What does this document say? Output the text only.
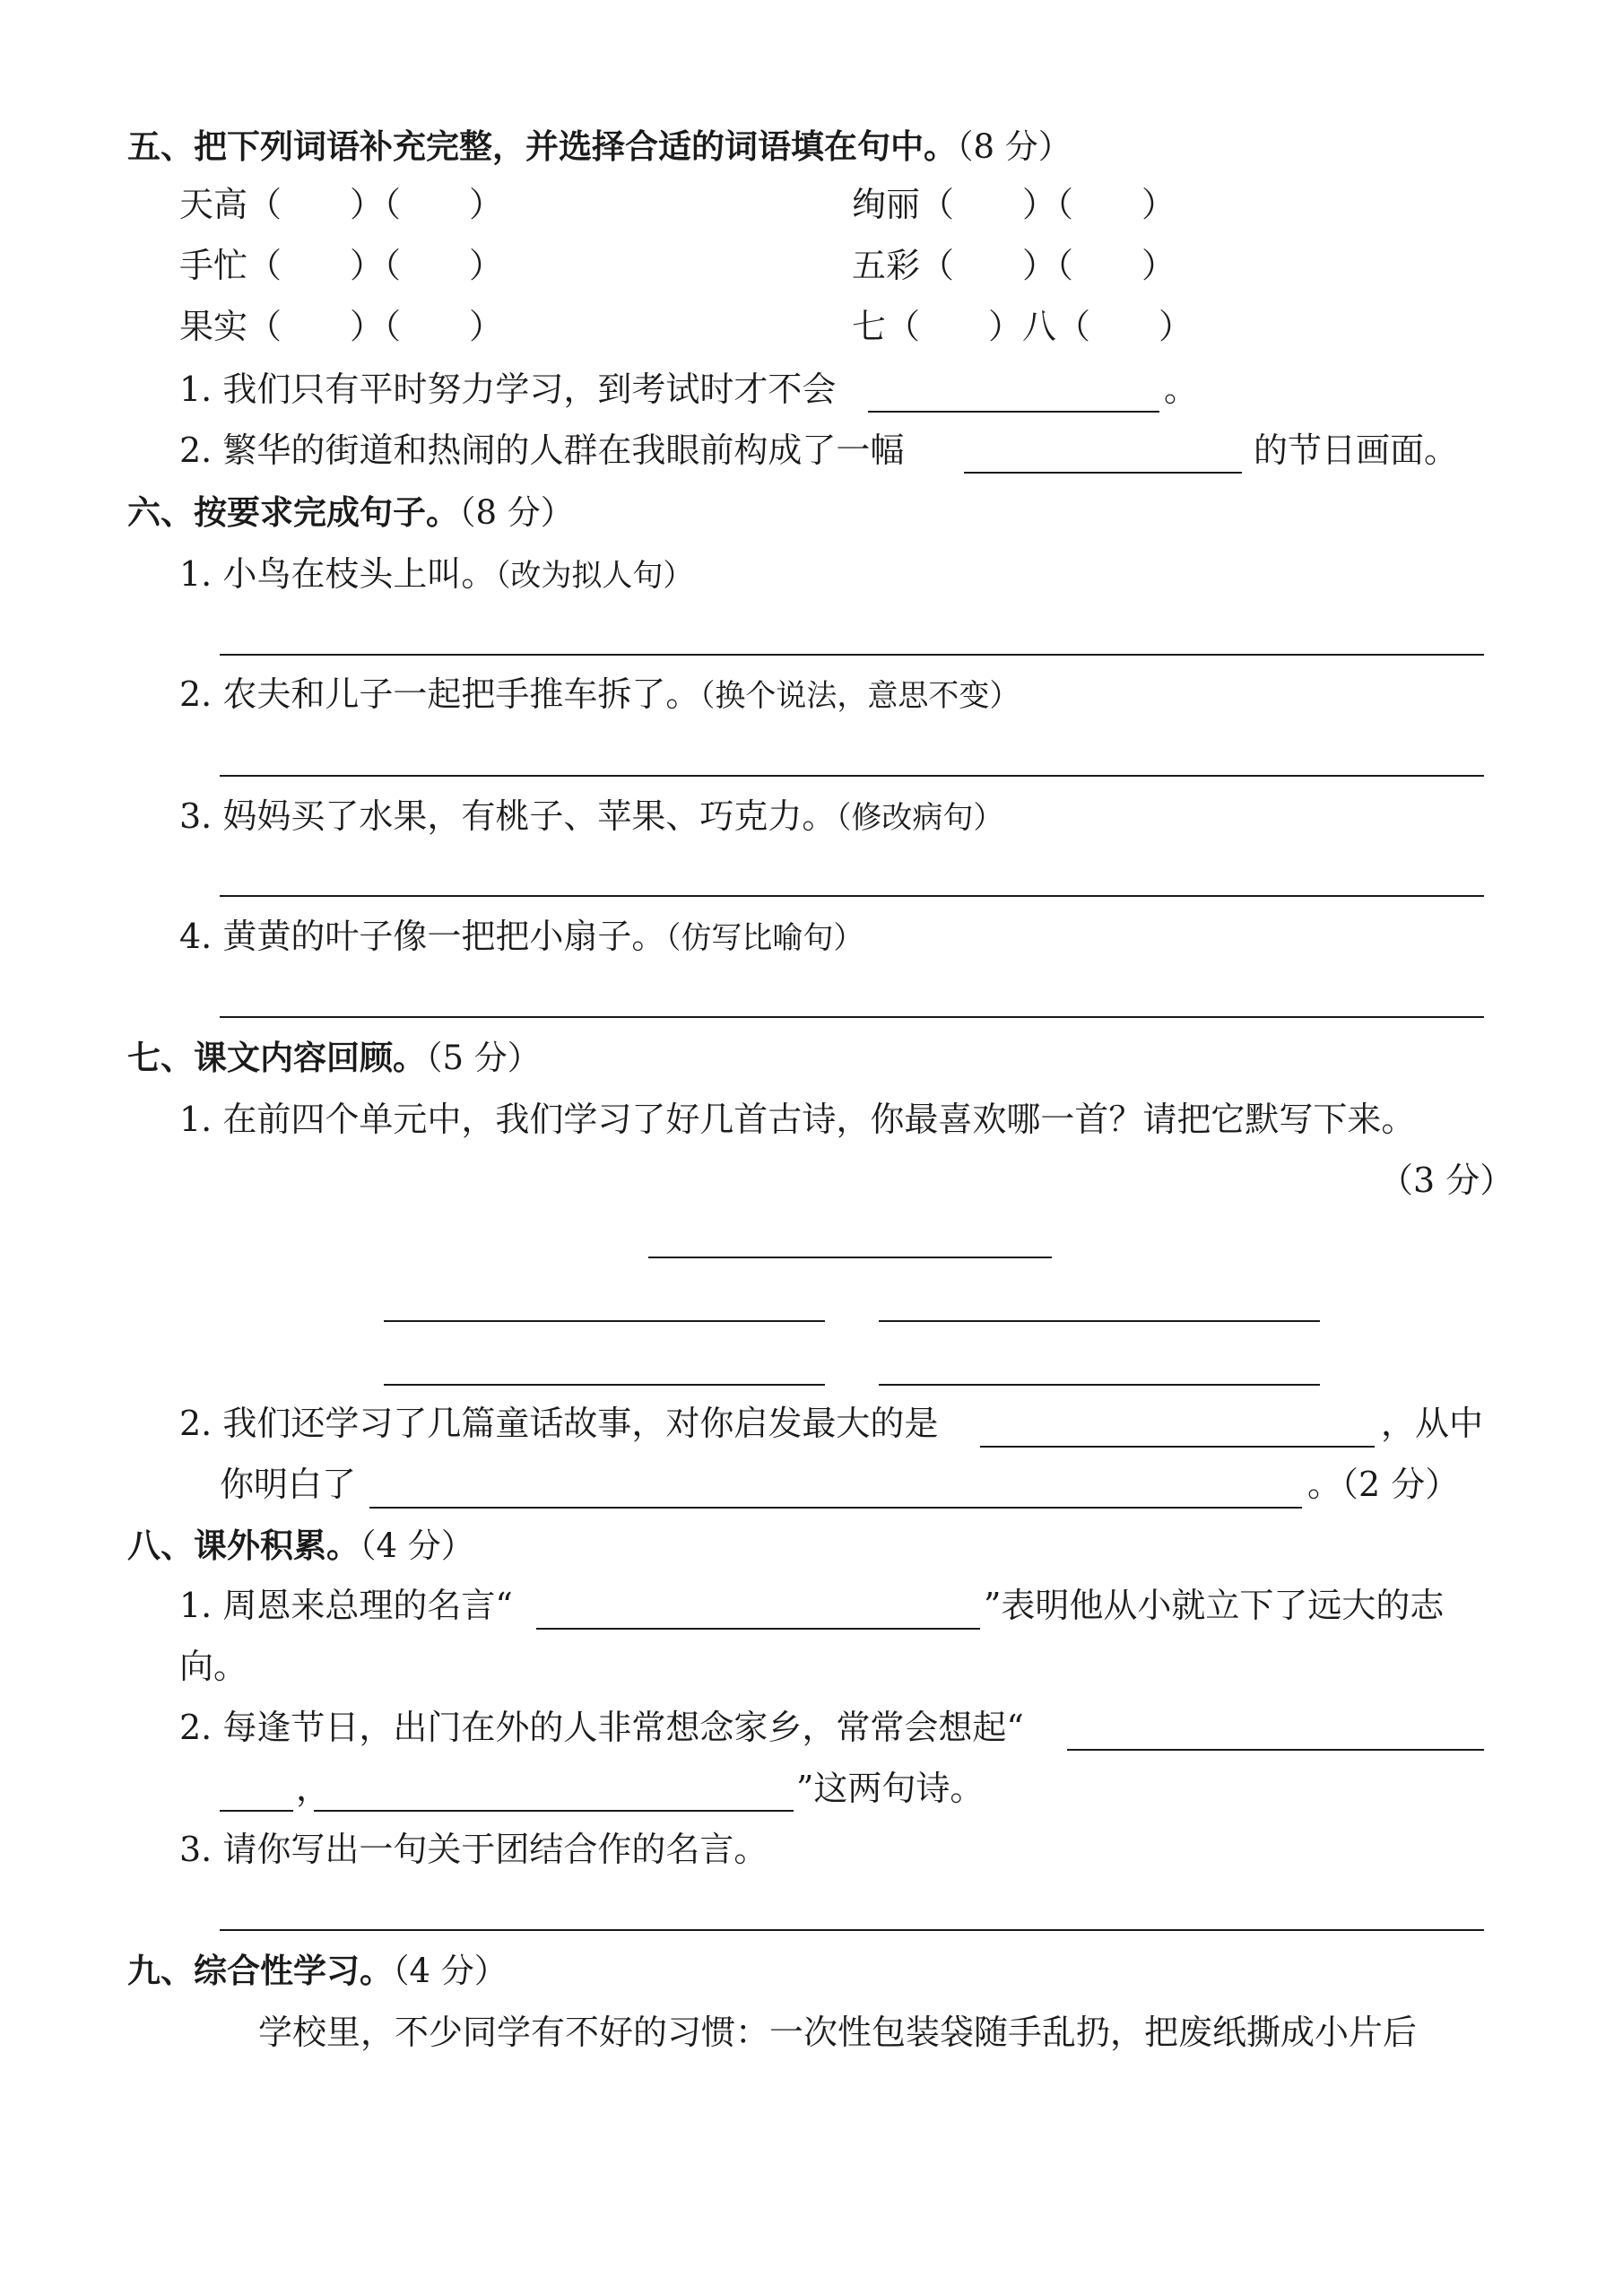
五、把下列词语补充完整，并选择合适的词语填在句中。（8 分）
天高（　　）（　　）	绚丽（　　）（　　）
手忙（　　）（　　）	五彩（　　）（　　）
果实（　　）（　　）	七（　　）八（　　）
1. 我们只有平时努力学习，到考试时才不会	。
2. 繁华的街道和热闹的人群在我眼前构成了一幅	的节日画面。
六、按要求完成句子。（8 分）
1. 小鸟在枝头上叫。（改为拟人句）
2. 农夫和儿子一起把手推车拆了。（换个说法，意思不变）
3. 妈妈买了水果，有桃子、苹果、巧克力。（修改病句）
4. 黄黄的叶子像一把把小扇子。（仿写比喻句）
七、课文内容回顾。（5 分）
1. 在前四个单元中，我们学习了好几首古诗，你最喜欢哪一首？请把它默写下来。
（3 分）
2. 我们还学习了几篇童话故事，对你启发最大的是	，从中
你明白了	。（2 分）
八、课外积累。（4 分）
1. 周恩来总理的名言“	”表明他从小就立下了远大的志
向。
2. 每逢节日，出门在外的人非常想念家乡，常常会想起“
，	”这两句诗。
3. 请你写出一句关于团结合作的名言。
九、综合性学习。（4 分）
学校里，不少同学有不好的习惯：一次性包装袋随手乱扔，把废纸撕成小片后
